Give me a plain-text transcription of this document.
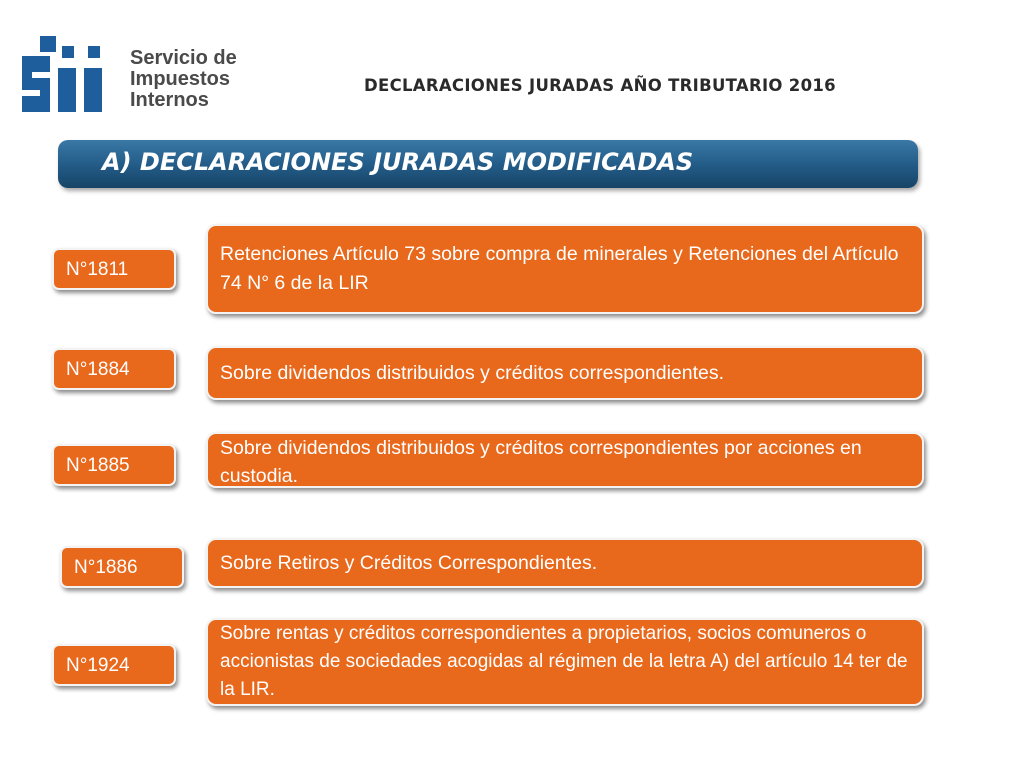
Servicio de
Impuestos
Internos
DECLARACIONES JURADAS AÑO TRIBUTARIO 2016
A) DECLARACIONES JURADAS MODIFICADAS
N°1811
Retenciones Artículo 73 sobre compra de minerales y Retenciones del Artículo 74 N° 6 de la LIR
N°1884	Sobre dividendos distribuidos y créditos correspondientes.
N°1885
Sobre dividendos distribuidos y créditos correspondientes por acciones en custodia.
N°1886	Sobre Retiros y Créditos Correspondientes.
N°1924
Sobre rentas y créditos correspondientes a propietarios, socios comuneros o accionistas de sociedades acogidas al régimen de la letra A) del artículo 14 ter de la LIR.
